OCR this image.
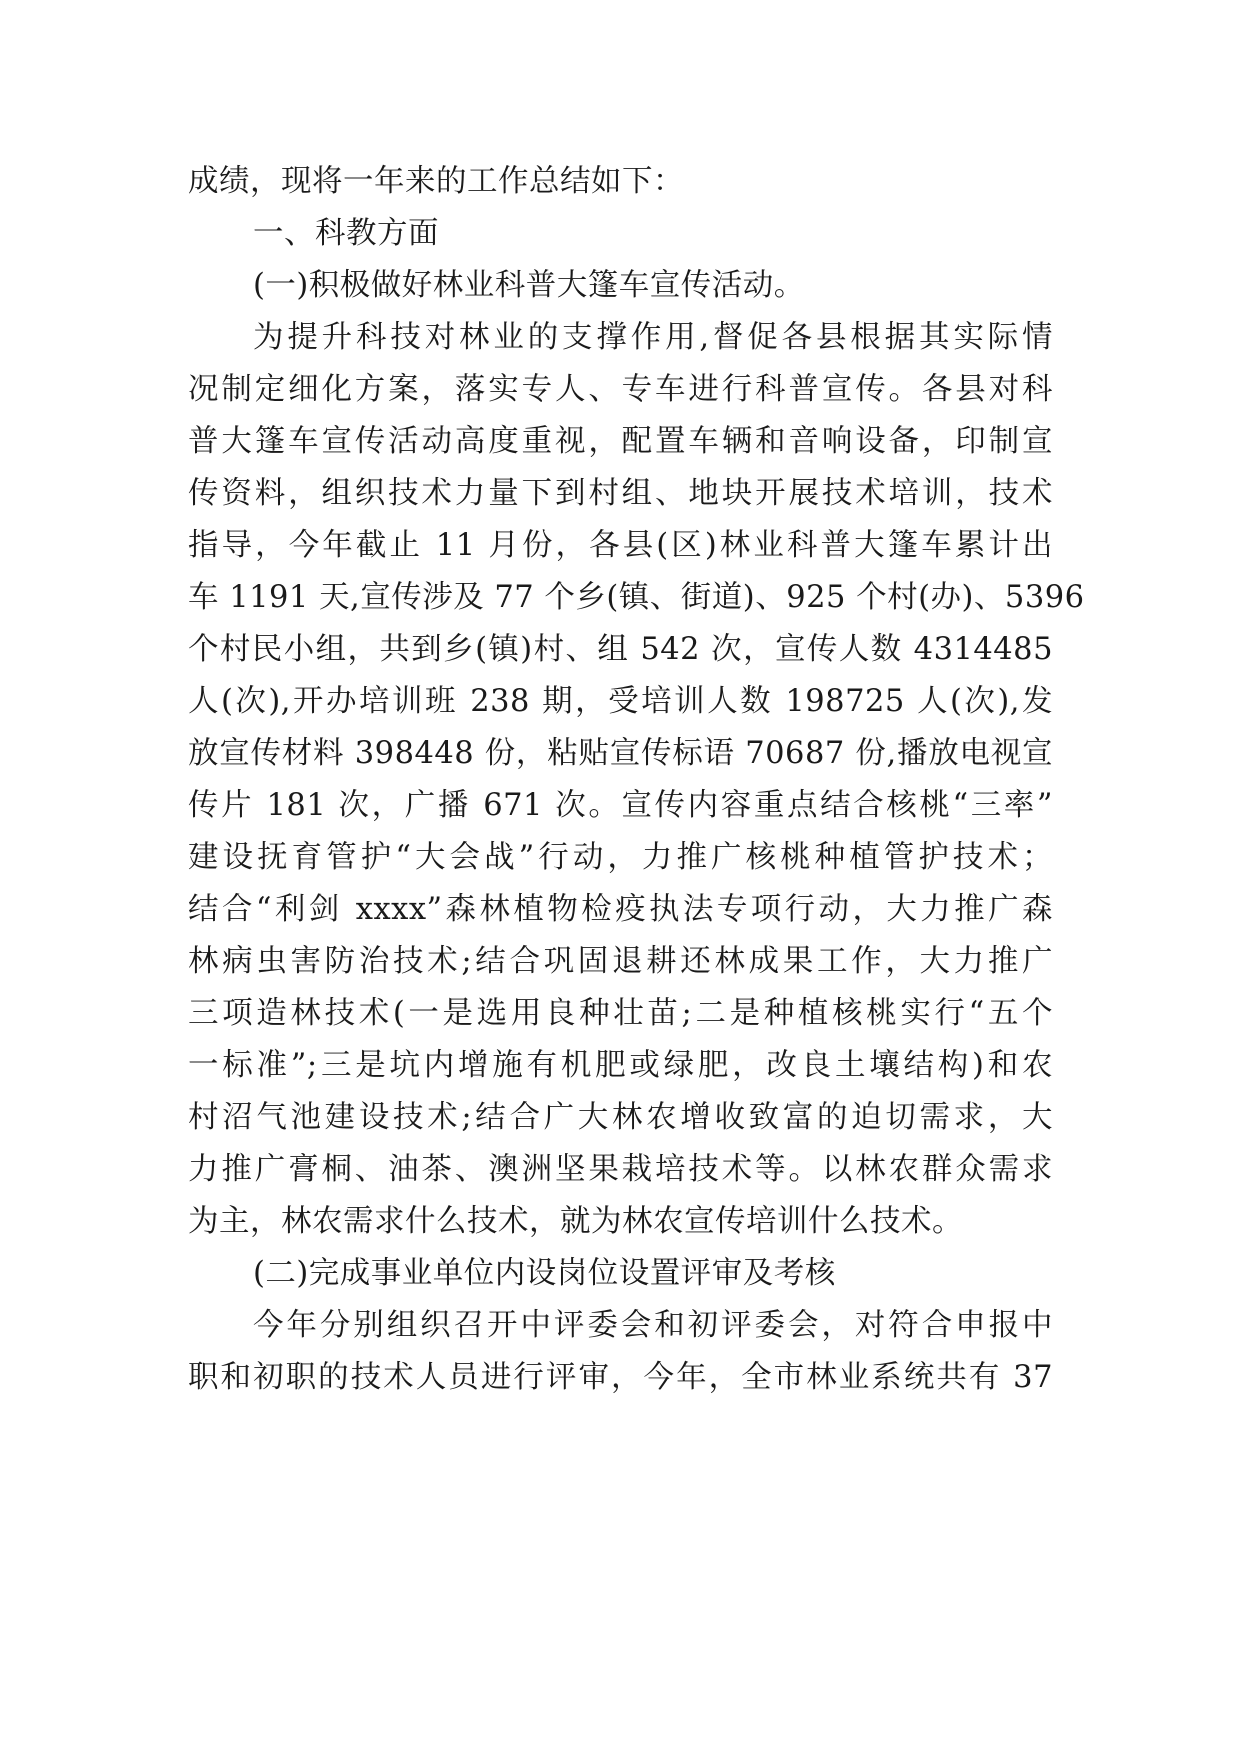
成绩，现将一年来的工作总结如下：
一、科教方面
(一)积极做好林业科普大篷车宣传活动。
为提升科技对林业的支撑作用,督促各县根据其实际情
况制定细化方案，落实专人、专车进行科普宣传。各县对科
普大篷车宣传活动高度重视，配置车辆和音响设备，印制宣
传资料，组织技术力量下到村组、地块开展技术培训，技术
指导，今年截止 11 月份，各县(区)林业科普大篷车累计出
车 1191 天,宣传涉及 77 个乡(镇、街道)、925 个村(办)、5396
个村民小组，共到乡(镇)村、组 542 次，宣传人数 4314485
人(次),开办培训班 238 期，受培训人数 198725 人(次),发
放宣传材料 398448 份，粘贴宣传标语 70687 份,播放电视宣
传片 181 次，广播 671 次。宣传内容重点结合核桃“三率”
建设抚育管护“大会战”行动，力推广核桃种植管护技术；
结合“利剑 xxxx”森林植物检疫执法专项行动，大力推广森
林病虫害防治技术;结合巩固退耕还林成果工作，大力推广
三项造林技术(一是选用良种壮苗;二是种植核桃实行“五个
一标准”;三是坑内增施有机肥或绿肥，改良土壤结构)和农
村沼气池建设技术;结合广大林农增收致富的迫切需求，大
力推广膏桐、油茶、澳洲坚果栽培技术等。以林农群众需求
为主，林农需求什么技术，就为林农宣传培训什么技术。
(二)完成事业单位内设岗位设置评审及考核
今年分别组织召开中评委会和初评委会，对符合申报中
职和初职的技术人员进行评审，今年，全市林业系统共有 37
